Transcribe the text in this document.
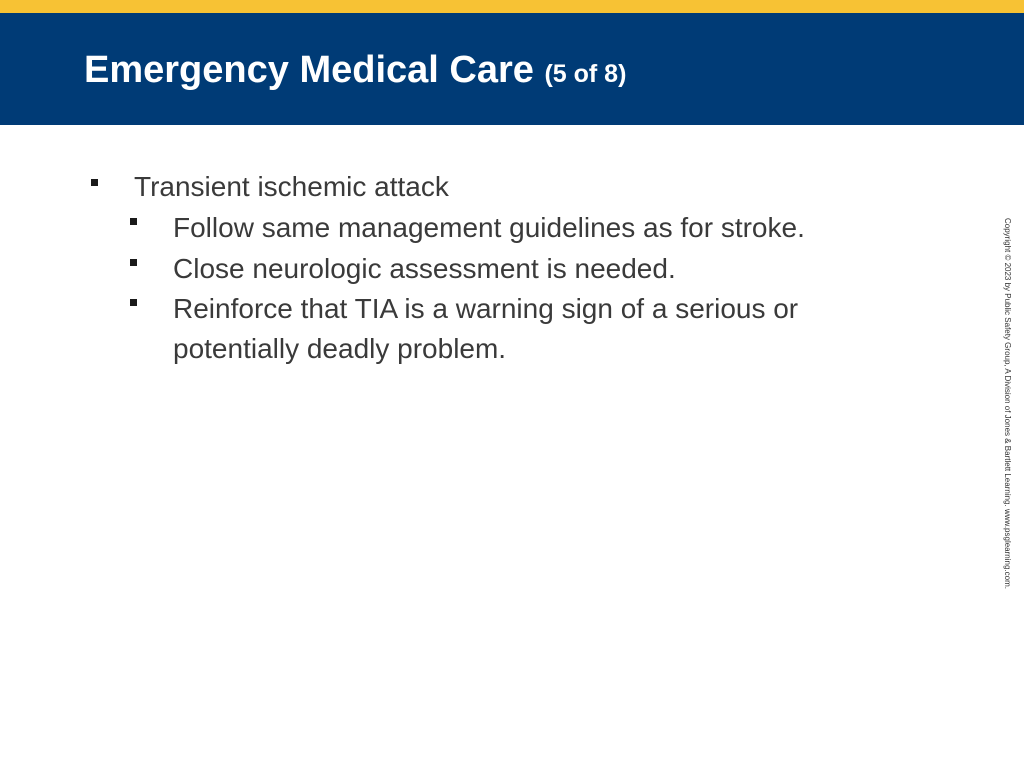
Emergency Medical Care (5 of 8)
Transient ischemic attack
Follow same management guidelines as for stroke.
Close neurologic assessment is needed.
Reinforce that TIA is a warning sign of a serious or potentially deadly problem.	Copyright © 2023 by Public Safety Group, A Division of Jones & Bartlett Learning. www.psglearning.com.
